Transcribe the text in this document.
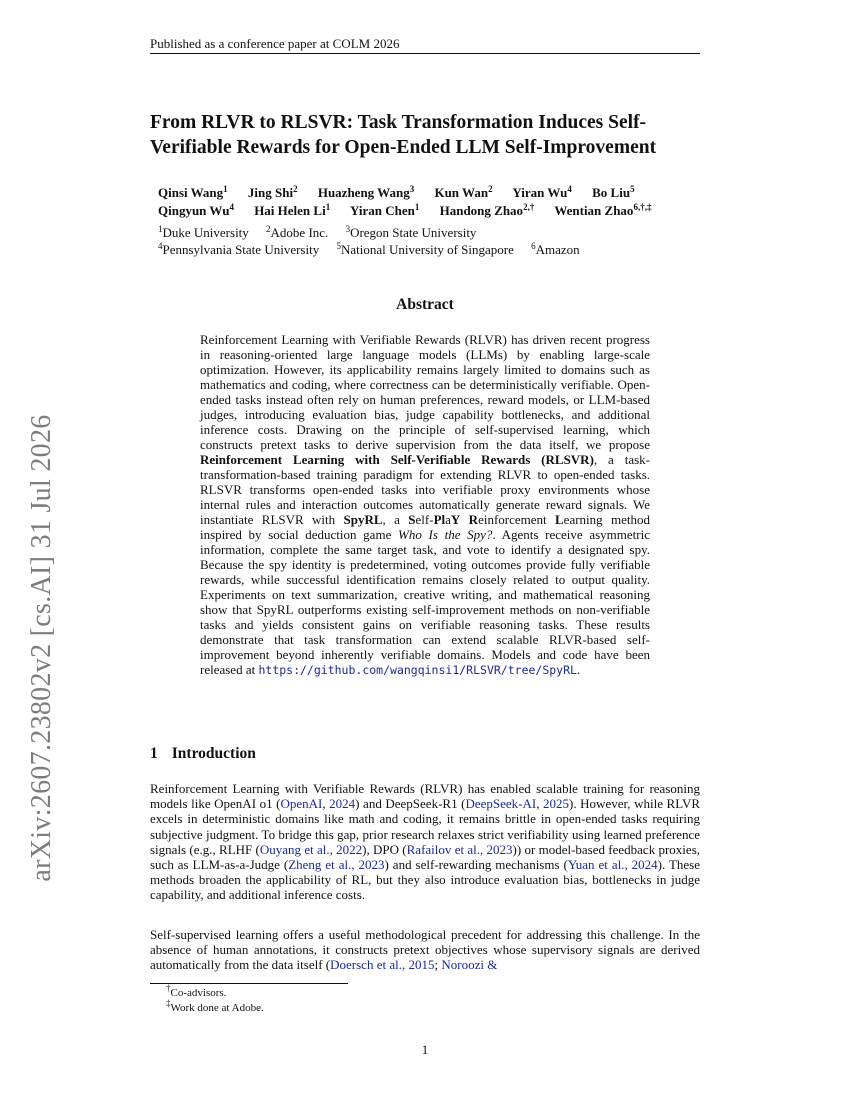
Published as a conference paper at COLM 2026
arXiv:2607.23802v2 [cs.AI] 31 Jul 2026
From RLVR to RLSVR: Task Transformation Induces Self-
Verifiable Rewards for Open-Ended LLM Self-Improvement
Qinsi Wang$^1$ Jing Shi$^2$ Huazheng Wang$^3$ Kun Wan$^2$ Yiran Wu$^4$ Bo Liu$^5$
Qingyun Wu$^4$ Hai Helen Li$^1$ Yiran Chen$^1$ Handong Zhao$^{2,\dagger}$ Wentian Zhao$^{6,\dagger,\ddagger}$
$^1$Duke University $^2$Adobe Inc. $^3$Oregon State University
$^4$Pennsylvania State University $^5$National University of Singapore $^6$Amazon
Abstract
Reinforcement Learning with Verifiable Rewards (RLVR) has driven recent progress in reasoning-oriented large language models (LLMs) by enabling large-scale optimization. However, its applicability remains largely limited to domains such as mathematics and coding, where correctness can be deterministically verifiable. Open-ended tasks instead often rely on human preferences, reward models, or LLM-based judges, introducing evaluation bias, judge capability bottlenecks, and additional inference costs. Drawing on the principle of self-supervised learning, which constructs pretext tasks to derive supervision from the data itself, we propose Reinforcement Learning with Self-Verifiable Rewards (RLSVR), a task-transformation-based training paradigm for extending RLVR to open-ended tasks. RLSVR transforms open-ended tasks into verifiable proxy environments whose internal rules and interaction outcomes automatically generate reward signals. We instantiate RLSVR with SpyRL, a Self-PlaY Reinforcement Learning method inspired by social deduction game Who Is the Spy?. Agents receive asymmetric information, complete the same target task, and vote to identify a designated spy. Because the spy identity is predetermined, voting outcomes provide fully verifiable rewards, while successful identification remains closely related to output quality. Experiments on text summarization, creative writing, and mathematical reasoning show that SpyRL outperforms existing self-improvement methods on non-verifiable tasks and yields consistent gains on verifiable reasoning tasks. These results demonstrate that task transformation can extend scalable RLVR-based self-improvement beyond inherently verifiable domains. Models and code have been released at https://github.com/wangqinsi1/RLSVR/tree/SpyRL.
1 Introduction
Reinforcement Learning with Verifiable Rewards (RLVR) has enabled scalable training for reasoning models like OpenAI o1 (OpenAI, 2024) and DeepSeek-R1 (DeepSeek-AI, 2025). However, while RLVR excels in deterministic domains like math and coding, it remains brittle in open-ended tasks requiring subjective judgment. To bridge this gap, prior research relaxes strict verifiability using learned preference signals (e.g., RLHF (Ouyang et al., 2022), DPO (Rafailov et al., 2023)) or model-based feedback proxies, such as LLM-as-a-Judge (Zheng et al., 2023) and self-rewarding mechanisms (Yuan et al., 2024). These methods broaden the applicability of RL, but they also introduce evaluation bias, bottlenecks in judge capability, and additional inference costs.
Self-supervised learning offers a useful methodological precedent for addressing this challenge. In the absence of human annotations, it constructs pretext objectives whose supervisory signals are derived automatically from the data itself (Doersch et al., 2015; Noroozi &
†Co-advisors.
‡Work done at Adobe.
1
